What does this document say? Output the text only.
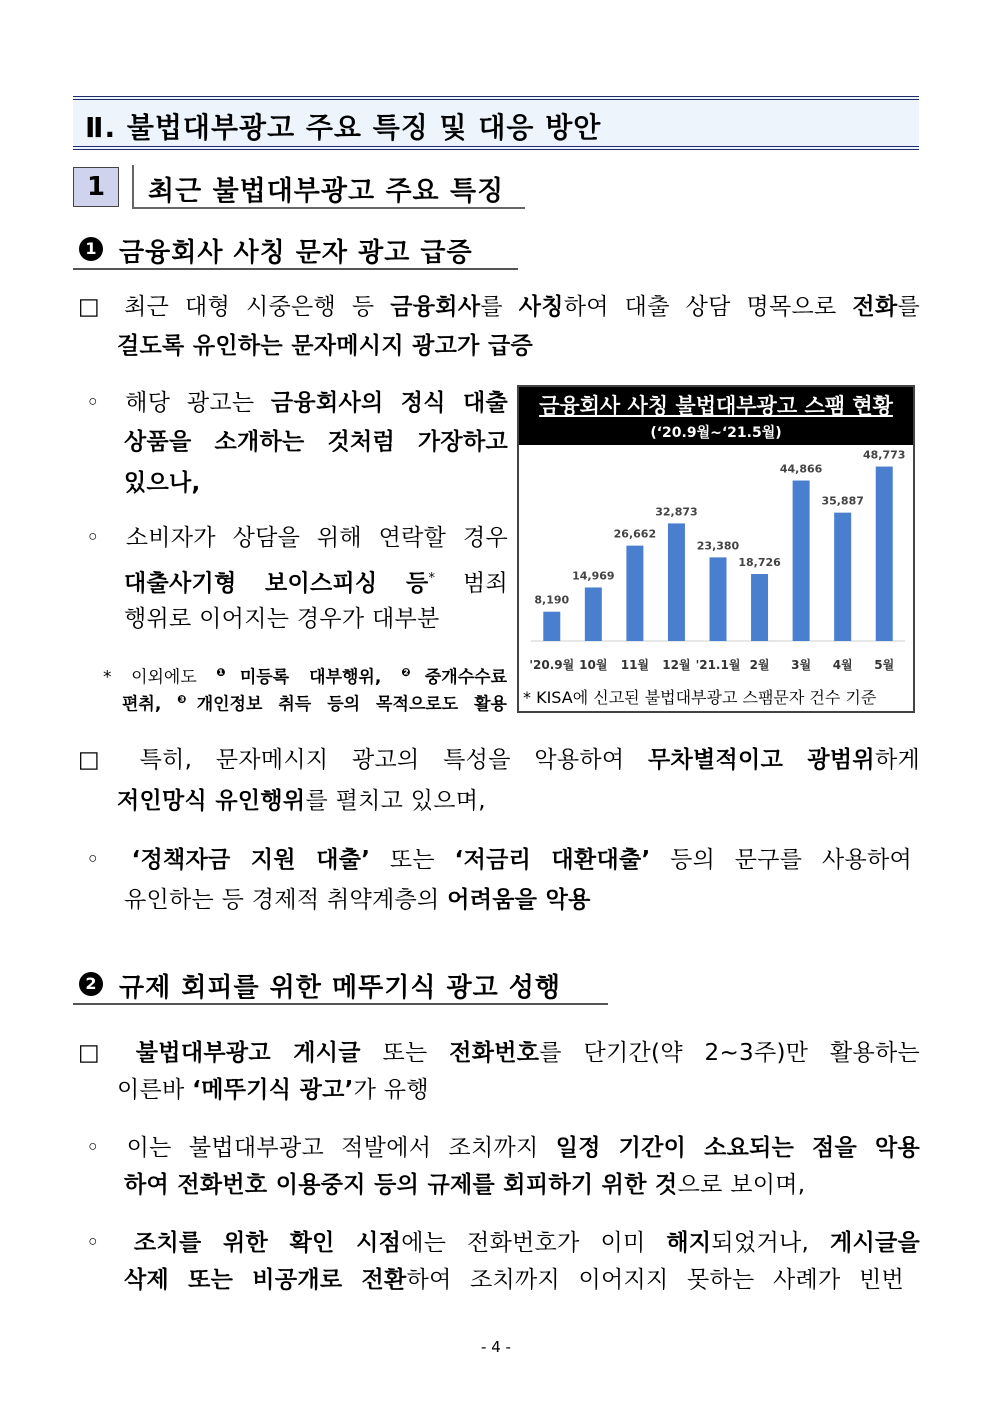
Ⅱ. 불법대부광고 주요 특징 및 대응 방안
1	최근 불법대부광고 주요 특징
1 금융회사 사칭 문자 광고 급증
□ 최근 대형 시중은행 등 금융회사를 사칭하여 대출 상담 명목으로 전화를
걸도록 유인하는 문자메시지 광고가 급증
◦ 해당 광고는 금융회사의 정식 대출
상품을 소개하는 것처럼 가장하고
있으나,
◦ 소비자가 상담을 위해 연락할 경우
대출사기형 보이스피싱 등* 범죄
행위로 이어지는 경우가 대부분
* 이외에도 $^❶$미등록 대부행위, $^❷$중개수수료
편취, $^❸$개인정보 취득 등의 목적으로도 활용
금융회사 사칭 불법대부광고 스팸 현황
(‘20.9월~‘21.5월)
8,190
'20.9월
14,969
10월
26,662
11월
32,873
12월
23,380
'21.1월
18,726
2월
44,866
3월
35,887
4월
48,773
5월
* KISA에 신고된 불법대부광고 스팸문자 건수 기준
□ 특히, 문자메시지 광고의 특성을 악용하여 무차별적이고 광범위하게
저인망식 유인행위를 펼치고 있으며,
◦ ‘정책자금 지원 대출’ 또는 ‘저금리 대환대출’ 등의 문구를 사용하여
유인하는 등 경제적 취약계층의 어려움을 악용
2 규제 회피를 위한 메뚜기식 광고 성행
□ 불법대부광고 게시글 또는 전화번호를 단기간(약 2~3주)만 활용하는
이른바 ‘메뚜기식 광고’가 유행
◦ 이는 불법대부광고 적발에서 조치까지 일정 기간이 소요되는 점을 악용
하여 전화번호 이용중지 등의 규제를 회피하기 위한 것으로 보이며,
◦ 조치를 위한 확인 시점에는 전화번호가 이미 해지되었거나, 게시글을
삭제 또는 비공개로 전환하여 조치까지 이어지지 못하는 사례가 빈번
- 4 -
